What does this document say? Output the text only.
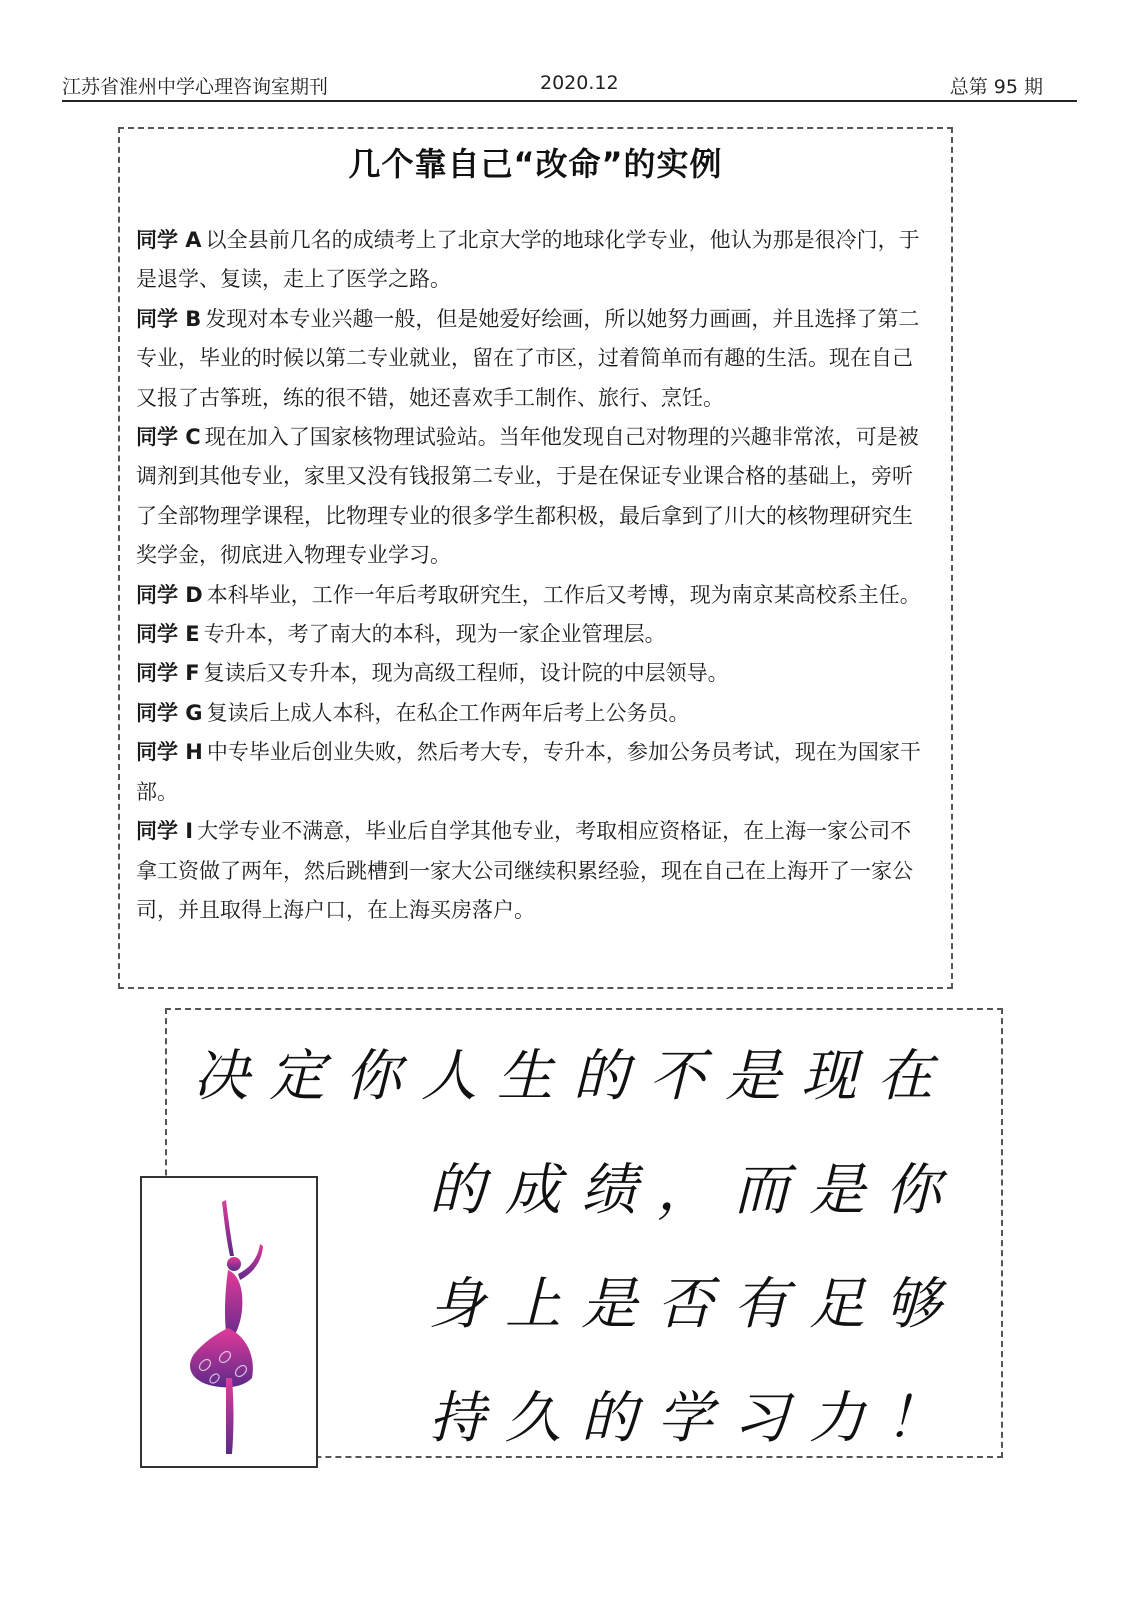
江苏省淮州中学心理咨询室期刊	2020.12	总第 95 期
几个靠自己“改命”的实例

同学 A 以全县前几名的成绩考上了北京大学的地球化学专业，他认为那是很冷门，于是退学、复读，走上了医学之路。

同学 B 发现对本专业兴趣一般，但是她爱好绘画，所以她努力画画，并且选择了第二专业，毕业的时候以第二专业就业，留在了市区，过着简单而有趣的生活。现在自己又报了古筝班，练的很不错，她还喜欢手工制作、旅行、烹饪。

同学 C 现在加入了国家核物理试验站。当年他发现自己对物理的兴趣非常浓，可是被调剂到其他专业，家里又没有钱报第二专业，于是在保证专业课合格的基础上，旁听了全部物理学课程，比物理专业的很多学生都积极，最后拿到了川大的核物理研究生奖学金，彻底进入物理专业学习。

同学 D 本科毕业，工作一年后考取研究生，工作后又考博，现为南京某高校系主任。

同学 E 专升本，考了南大的本科，现为一家企业管理层。

同学 F 复读后又专升本，现为高级工程师，设计院的中层领导。

同学 G 复读后上成人本科，在私企工作两年后考上公务员。

同学 H 中专毕业后创业失败，然后考大专，专升本，参加公务员考试，现在为国家干部。

同学 I 大学专业不满意，毕业后自学其他专业，考取相应资格证，在上海一家公司不拿工资做了两年，然后跳槽到一家大公司继续积累经验，现在自己在上海开了一家公司，并且取得上海户口，在上海买房落户。

决定你人生的不是现在
的成绩，而是你
身上是否有足够
持久的学习力！
